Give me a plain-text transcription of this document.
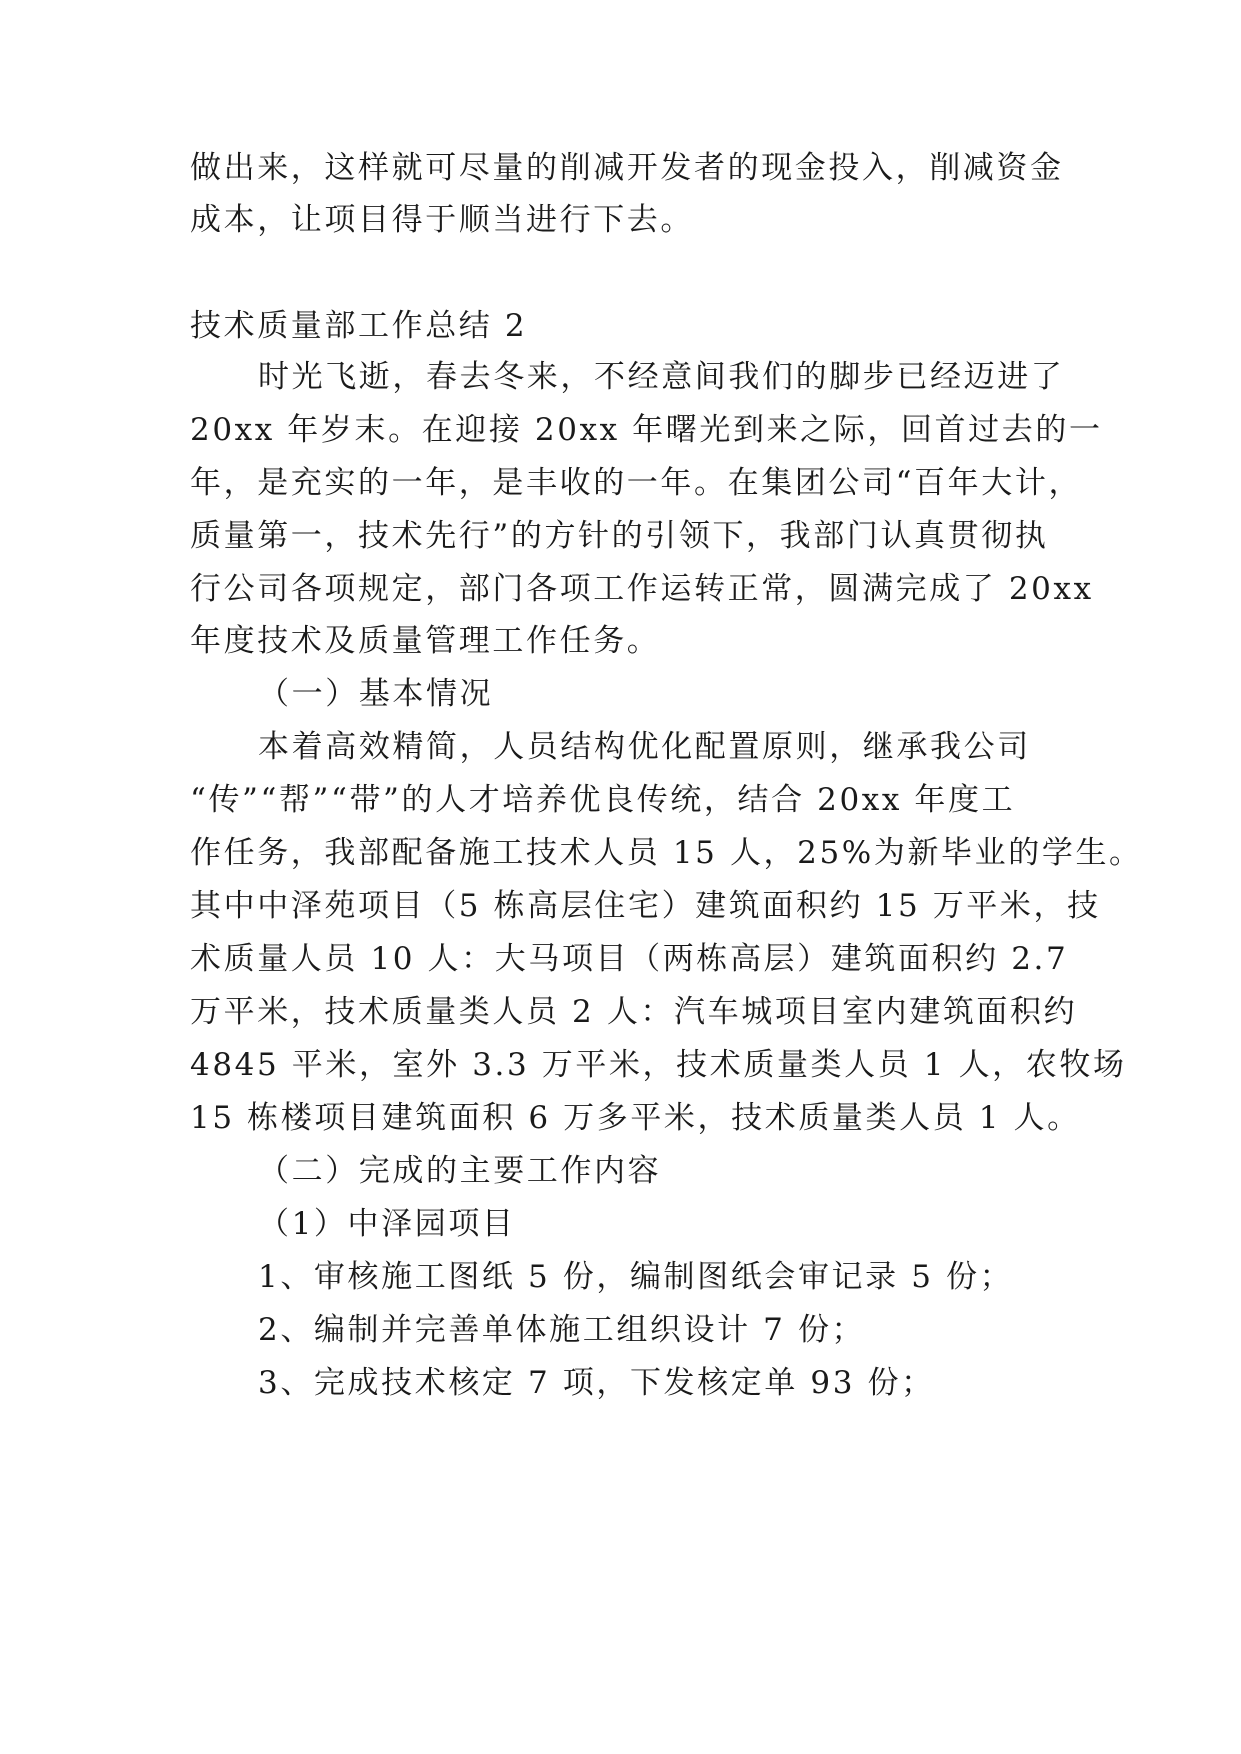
做出来，这样就可尽量的削减开发者的现金投入，削减资金
成本，让项目得于顺当进行下去。
技术质量部工作总结 2
时光飞逝，春去冬来，不经意间我们的脚步已经迈进了
20xx 年岁末。在迎接 20xx 年曙光到来之际，回首过去的一
年，是充实的一年，是丰收的一年。在集团公司“百年大计，
质量第一，技术先行”的方针的引领下，我部门认真贯彻执
行公司各项规定，部门各项工作运转正常，圆满完成了 20xx
年度技术及质量管理工作任务。
（一）基本情况
本着高效精简，人员结构优化配置原则，继承我公司
“传”“帮”“带”的人才培养优良传统，结合 20xx 年度工
作任务，我部配备施工技术人员 15 人，25%为新毕业的学生。
其中中泽苑项目（5 栋高层住宅）建筑面积约 15 万平米，技
术质量人员 10 人：大马项目（两栋高层）建筑面积约 2.7
万平米，技术质量类人员 2 人：汽车城项目室内建筑面积约
4845 平米，室外 3.3 万平米，技术质量类人员 1 人，农牧场
15 栋楼项目建筑面积 6 万多平米，技术质量类人员 1 人。
（二）完成的主要工作内容
（1）中泽园项目
1、审核施工图纸 5 份，编制图纸会审记录 5 份；
2、编制并完善单体施工组织设计 7 份；
3、完成技术核定 7 项，下发核定单 93 份；
